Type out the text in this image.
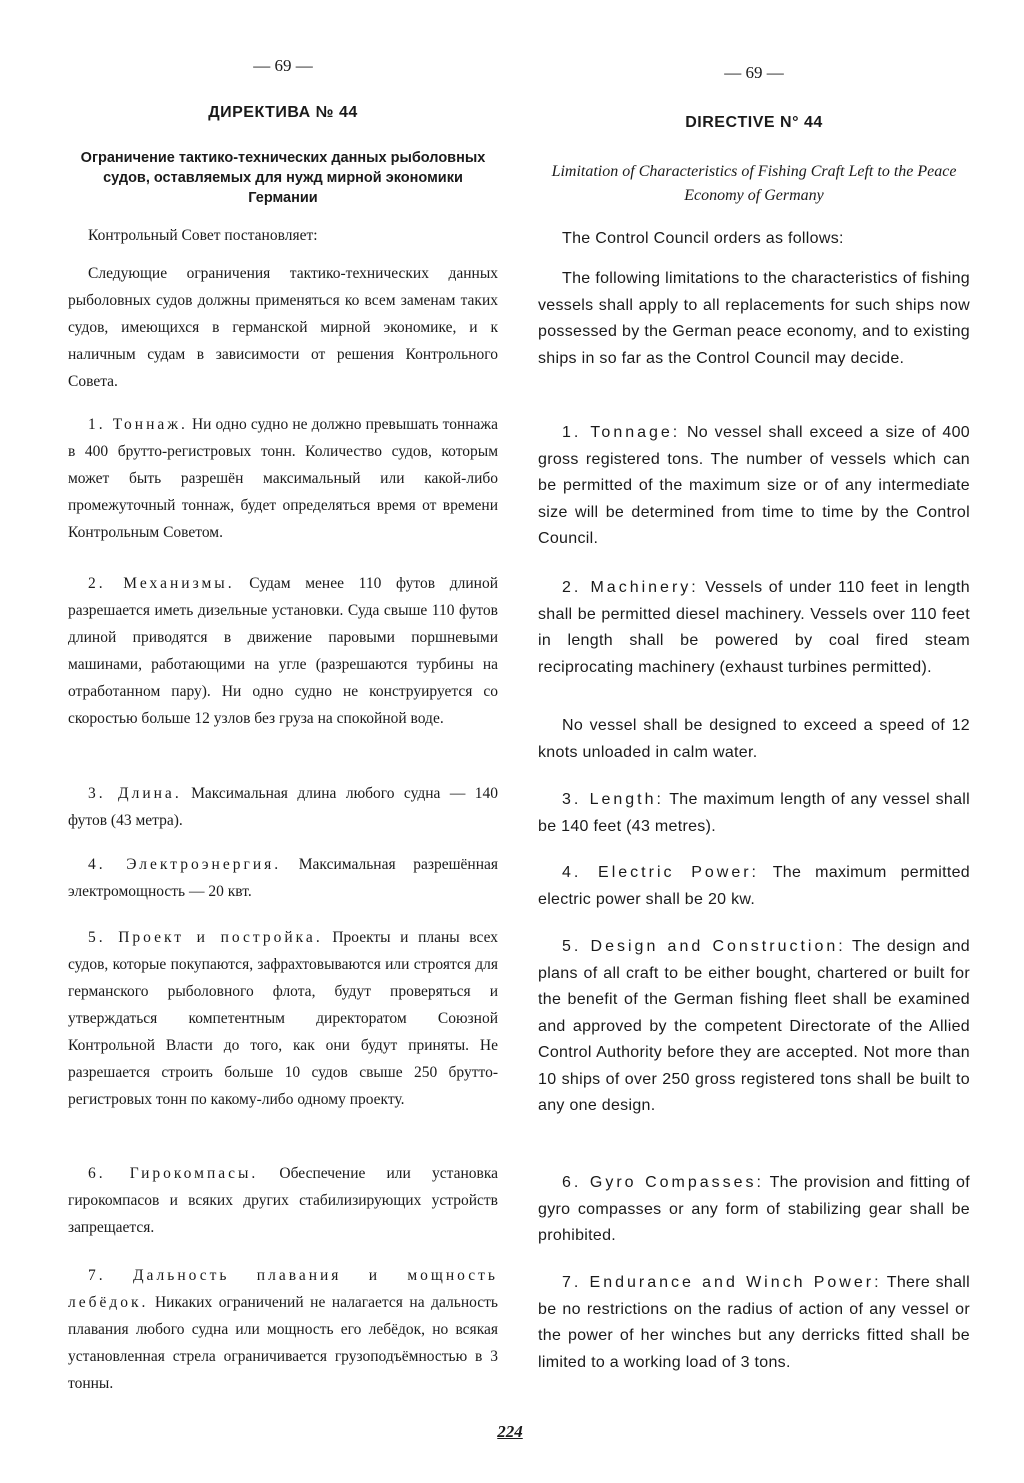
— 69 —
ДИРЕКТИВА № 44
Ограничение тактико-технических данных рыболовных судов, оставляемых для нужд мирной экономики Германии
Контрольный Совет постановляет:
Следующие ограничения тактико-технических данных рыболовных судов должны применяться ко всем заменам таких судов, имеющихся в германской мирной экономике, и к наличным судам в зависимости от решения Контрольного Совета.
1. Тоннаж. Ни одно судно не должно превышать тоннажа в 400 брутто-регистровых тонн. Количество судов, которым может быть разрешён максимальный или какой-либо промежуточный тоннаж, будет определяться время от времени Контрольным Советом.
2. Механизмы. Судам менее 110 футов длиной разрешается иметь дизельные установки. Суда свыше 110 футов длиной приводятся в движение паровыми поршневыми машинами, работающими на угле (разрешаются турбины на отработанном пару). Ни одно судно не конструируется со скоростью больше 12 узлов без груза на спокойной воде.
3. Длина. Максимальная длина любого судна — 140 футов (43 метра).
4. Электроэнергия. Максимальная разрешённая электромощность — 20 квт.
5. Проект и постройка. Проекты и планы всех судов, которые покупаются, зафрахтовываются или строятся для германского рыболовного флота, будут проверяться и утверждаться компетентным директоратом Союзной Контрольной Власти до того, как они будут приняты. Не разрешается строить больше 10 судов свыше 250 брутто-регистровых тонн по какому-либо одному проекту.
6. Гирокомпасы. Обеспечение или установка гирокомпасов и всяких других стабилизирующих устройств запрещается.
7. Дальность плавания и мощность лебёдок. Никаких ограничений не налагается на дальность плавания любого судна или мощность его лебёдок, но всякая установленная стрела ограничивается грузоподъёмностью в 3 тонны.
— 69 —
DIRECTIVE N° 44
Limitation of Characteristics of Fishing Craft Left to the Peace Economy of Germany
The Control Council orders as follows:
The following limitations to the characteristics of fishing vessels shall apply to all replacements for such ships now possessed by the German peace economy, and to existing ships in so far as the Control Council may decide.
1. Tonnage: No vessel shall exceed a size of 400 gross registered tons. The number of vessels which can be permitted of the maximum size or of any intermediate size will be determined from time to time by the Control Council.
2. Machinery: Vessels of under 110 feet in length shall be permitted diesel machinery. Vessels over 110 feet in length shall be powered by coal fired steam reciprocating machinery (exhaust turbines permitted).
No vessel shall be designed to exceed a speed of 12 knots unloaded in calm water.
3. Length: The maximum length of any vessel shall be 140 feet (43 metres).
4. Electric Power: The maximum permitted electric power shall be 20 kw.
5. Design and Construction: The design and plans of all craft to be either bought, chartered or built for the benefit of the German fishing fleet shall be examined and approved by the competent Directorate of the Allied Control Authority before they are accepted. Not more than 10 ships of over 250 gross registered tons shall be built to any one design.
6. Gyro Compasses: The provision and fitting of gyro compasses or any form of stabilizing gear shall be prohibited.
7. Endurance and Winch Power: There shall be no restrictions on the radius of action of any vessel or the power of her winches but any derricks fitted shall be limited to a working load of 3 tons.
224
